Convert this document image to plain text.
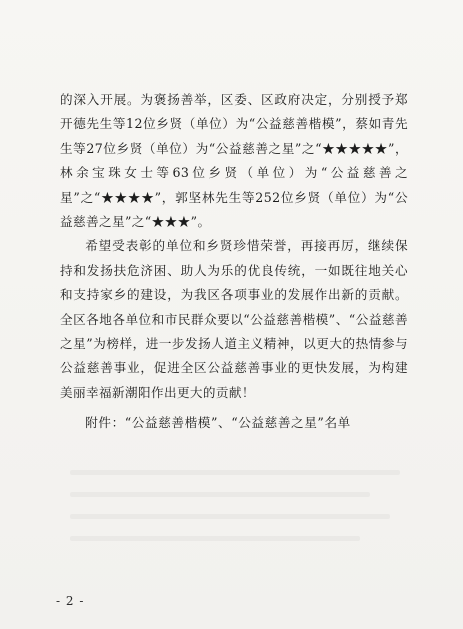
的深入开展。为褒扬善举，区委、区政府决定，分别授予郑开德先生等12位乡贤（单位）为“公益慈善楷模”，蔡如青先生等27位乡贤（单位）为“公益慈善之星”之“★★★★★”，林余宝珠女士等63位乡贤（单位）为“公益慈善之星”之“★★★★”，郭坚林先生等252位乡贤（单位）为“公益慈善之星”之“★★★”。

希望受表彰的单位和乡贤珍惜荣誉，再接再厉，继续保持和发扬扶危济困、助人为乐的优良传统，一如既往地关心和支持家乡的建设，为我区各项事业的发展作出新的贡献。全区各地各单位和市民群众要以“公益慈善楷模”、“公益慈善之星”为榜样，进一步发扬人道主义精神，以更大的热情参与公益慈善事业，促进全区公益慈善事业的更快发展，为构建美丽幸福新潮阳作出更大的贡献！

附件：“公益慈善楷模”、“公益慈善之星”名单
- 2 -
